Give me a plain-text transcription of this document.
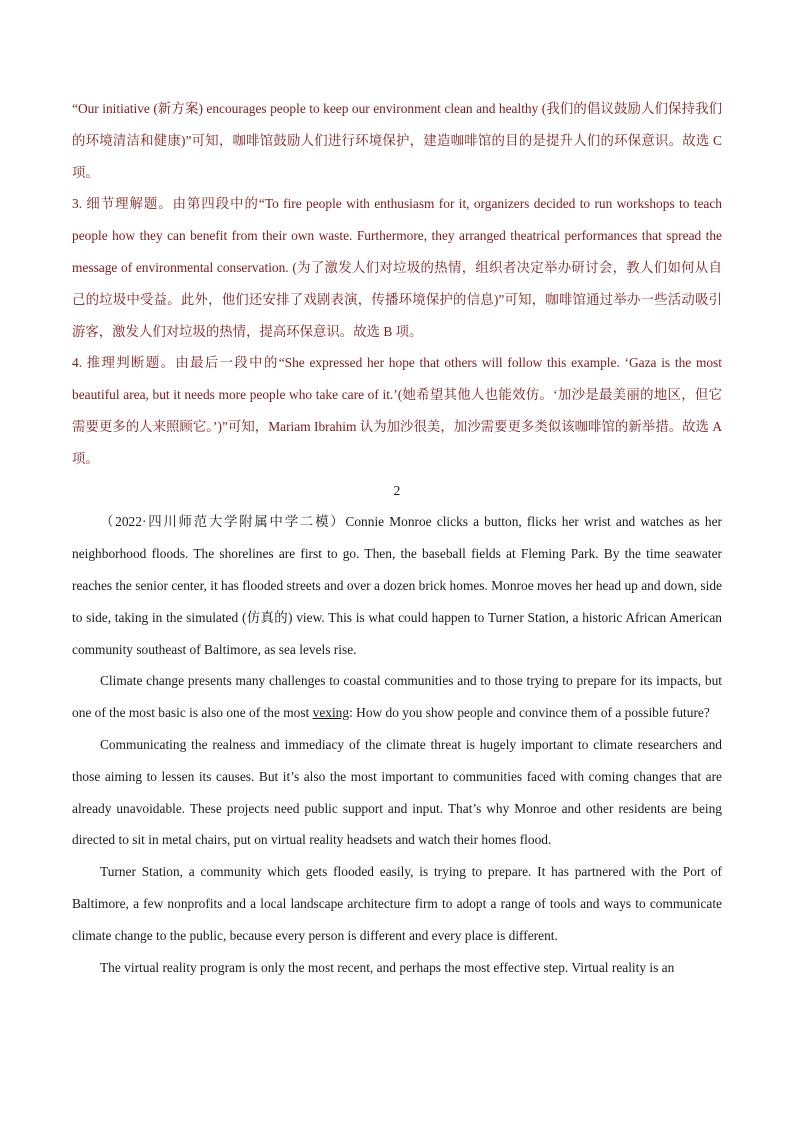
“Our initiative (新方案) encourages people to keep our environment clean and healthy (我们的倡议鼓励人们保持我们的环境清洁和健康)”可知，咖啡馆鼓励人们进行环境保护，建造咖啡馆的目的是提升人们的环保意识。故选 C 项。

3. 细节理解题。由第四段中的“To fire people with enthusiasm for it, organizers decided to run workshops to teach people how they can benefit from their own waste. Furthermore, they arranged theatrical performances that spread the message of environmental conservation. (为了激发人们对垃圾的热情，组织者决定举办研讨会，教人们如何从自己的垃圾中受益。此外，他们还安排了戏剧表演，传播环境保护的信息)”可知，咖啡馆通过举办一些活动吸引游客，激发人们对垃圾的热情，提高环保意识。故选 B 项。

4. 推理判断题。由最后一段中的“She expressed her hope that others will follow this example. ‘Gaza is the most beautiful area, but it needs more people who take care of it.’(她希望其他人也能效仿。‘加沙是最美丽的地区，但它需要更多的人来照顾它。’)”可知，Mariam Ibrahim 认为加沙很美，加沙需要更多类似该咖啡馆的新举措。故选 A 项。

2

（2022·四川师范大学附属中学二模）Connie Monroe clicks a button, flicks her wrist and watches as her neighborhood floods. The shorelines are first to go. Then, the baseball fields at Fleming Park. By the time seawater reaches the senior center, it has flooded streets and over a dozen brick homes. Monroe moves her head up and down, side to side, taking in the simulated (仿真的) view. This is what could happen to Turner Station, a historic African American community southeast of Baltimore, as sea levels rise.

Climate change presents many challenges to coastal communities and to those trying to prepare for its impacts, but one of the most basic is also one of the most vexing: How do you show people and convince them of a possible future?

Communicating the realness and immediacy of the climate threat is hugely important to climate researchers and those aiming to lessen its causes. But it’s also the most important to communities faced with coming changes that are already unavoidable. These projects need public support and input. That’s why Monroe and other residents are being directed to sit in metal chairs, put on virtual reality headsets and watch their homes flood.

Turner Station, a community which gets flooded easily, is trying to prepare. It has partnered with the Port of Baltimore, a few nonprofits and a local landscape architecture firm to adopt a range of tools and ways to communicate climate change to the public, because every person is different and every place is different.

The virtual reality program is only the most recent, and perhaps the most effective step. Virtual reality is an
